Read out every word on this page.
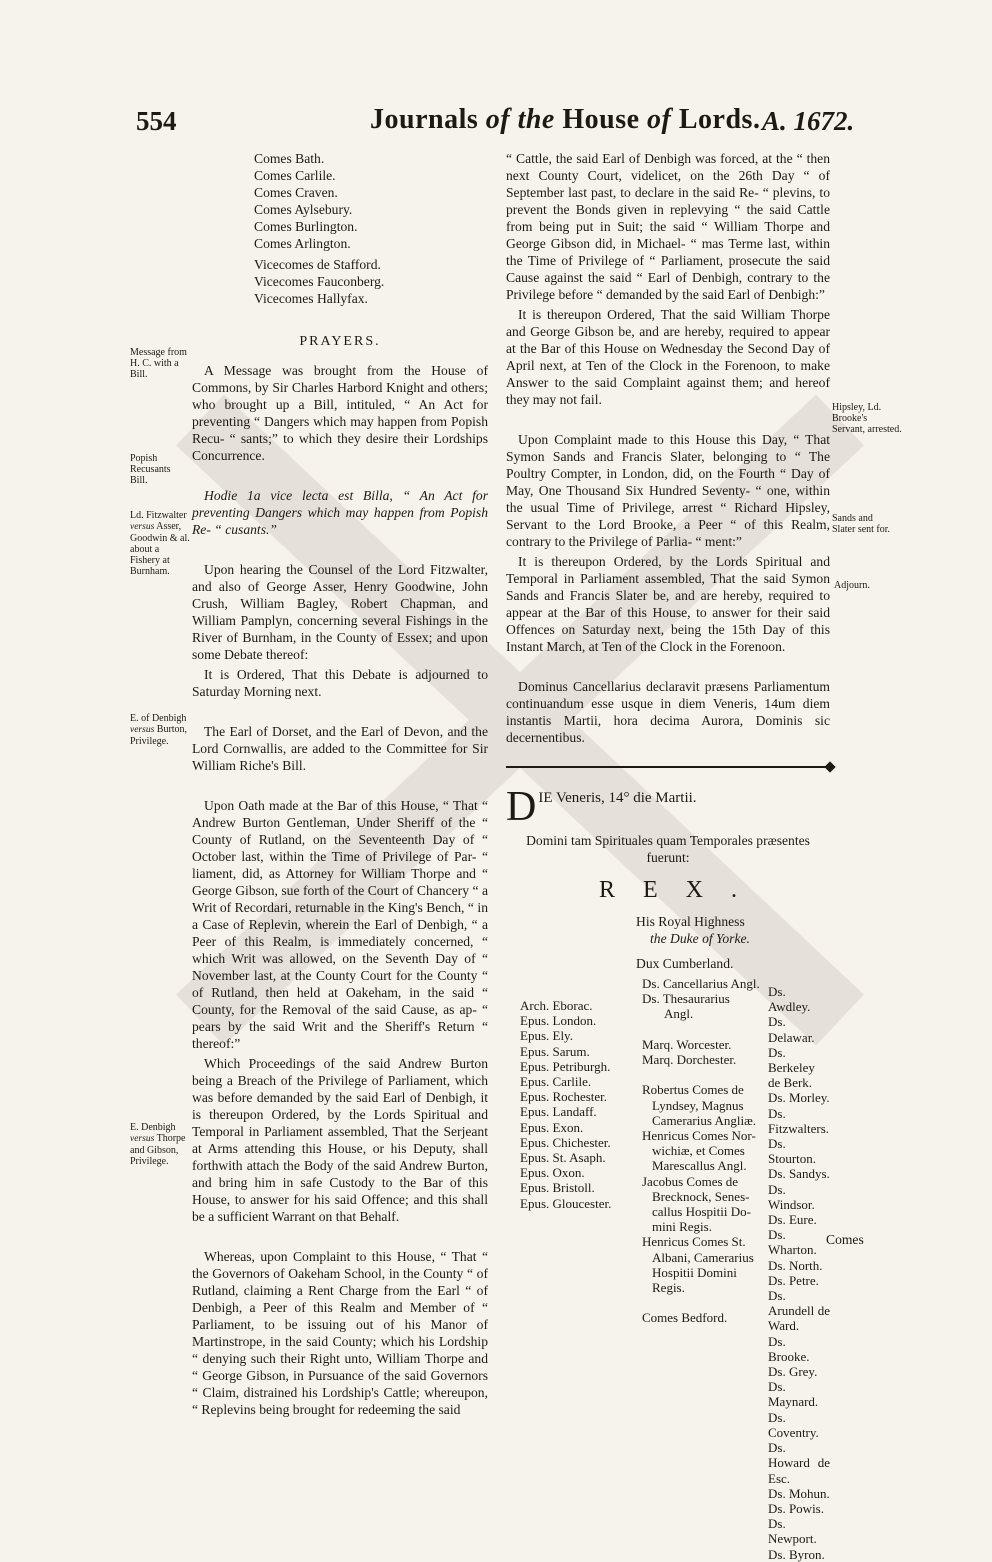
554	Journals of the House of Lords. A. 1672.

Comes Bath.

Comes Carlile.

Comes Craven.

Comes Aylsebury.

Comes Burlington.

Comes Arlington.

Vicecomes de Stafford.

Vicecomes Fauconberg.

Vicecomes Hallyfax.

PRAYERS.

A Message was brought from the House of Commons, by Sir Charles Harbord Knight and others; who brought up a Bill, intituled, “ An Act for preventing “ Dangers which may happen from Popish Recu- “ sants;” to which they desire their Lordships Concurrence.

Hodie 1a vice lecta est Billa, “ An Act for preventing Dangers which may happen from Popish Re- “ cusants.”

Upon hearing the Counsel of the Lord Fitzwalter, and also of George Asser, Henry Goodwine, John Crush, William Bagley, Robert Chapman, and William Pamplyn, concerning several Fishings in the River of Burnham, in the County of Essex; and upon some Debate thereof:

It is Ordered, That this Debate is adjourned to Saturday Morning next.

The Earl of Dorset, and the Earl of Devon, and the Lord Cornwallis, are added to the Committee for Sir William Riche's Bill.

Upon Oath made at the Bar of this House, “ That “ Andrew Burton Gentleman, Under Sheriff of the “ County of Rutland, on the Seventeenth Day of “ October last, within the Time of Privilege of Par- “ liament, did, as Attorney for William Thorpe and “ George Gibson, sue forth of the Court of Chancery “ a Writ of Recordari, returnable in the King's Bench, “ in a Case of Replevin, wherein the Earl of Denbigh, “ a Peer of this Realm, is immediately concerned, “ which Writ was allowed, on the Seventh Day of “ November last, at the County Court for the County “ of Rutland, then held at Oakeham, in the said “ County, for the Removal of the said Cause, as ap- “ pears by the said Writ and the Sheriff's Return “ thereof:”

Which Proceedings of the said Andrew Burton being a Breach of the Privilege of Parliament, which was before demanded by the said Earl of Denbigh, it is thereupon Ordered, by the Lords Spiritual and Temporal in Parliament assembled, That the Serjeant at Arms attending this House, or his Deputy, shall forthwith attach the Body of the said Andrew Burton, and bring him in safe Custody to the Bar of this House, to answer for his said Offence; and this shall be a sufficient Warrant on that Behalf.

Whereas, upon Complaint to this House, “ That “ the Governors of Oakeham School, in the County “ of Rutland, claiming a Rent Charge from the Earl “ of Denbigh, a Peer of this Realm and Member of “ Parliament, to be issuing out of his Manor of Martinstrope, in the said County; which his Lordship “ denying such their Right unto, William Thorpe and “ George Gibson, in Pursuance of the said Governors “ Claim, distrained his Lordship's Cattle; whereupon, “ Replevins being brought for redeeming the said

Message from H. C. with a Bill.
Popish Recusants Bill.
Ld. Fitzwalter versus Asser, Goodwin & al. about a Fishery at Burnham.
E. of Denbigh versus Burton, Privilege.
E. Denbigh versus Thorpe and Gibson, Privilege.

“ Cattle, the said Earl of Denbigh was forced, at the “ then next County Court, videlicet, on the 26th Day “ of September last past, to declare in the said Re- “ plevins, to prevent the Bonds given in replevying “ the said Cattle from being put in Suit; the said “ William Thorpe and George Gibson did, in Michael- “ mas Terme last, within the Time of Privilege of “ Parliament, prosecute the said Cause against the said “ Earl of Denbigh, contrary to the Privilege before “ demanded by the said Earl of Denbigh:”

It is thereupon Ordered, That the said William Thorpe and George Gibson be, and are hereby, required to appear at the Bar of this House on Wednesday the Second Day of April next, at Ten of the Clock in the Forenoon, to make Answer to the said Complaint against them; and hereof they may not fail.

Upon Complaint made to this House this Day, “ That Symon Sands and Francis Slater, belonging to “ The Poultry Compter, in London, did, on the Fourth “ Day of May, One Thousand Six Hundred Seventy- “ one, within the usual Time of Privilege, arrest “ Richard Hipsley, Servant to the Lord Brooke, a Peer “ of this Realm, contrary to the Privilege of Parlia- “ ment:”

It is thereupon Ordered, by the Lords Spiritual and Temporal in Parliament assembled, That the said Symon Sands and Francis Slater be, and are hereby, required to appear at the Bar of this House, to answer for their said Offences on Saturday next, being the 15th Day of this Instant March, at Ten of the Clock in the Forenoon.

Dominus Cancellarius declaravit præsens Parliamentum continuandum esse usque in diem Veneris, 14um diem instantis Martii, hora decima Aurora, Dominis sic decernentibus.

DIE Veneris, 14° die Martii.
Domini tam Spirituales quam Temporales præsentes
fuerunt:
REX.

His Royal Highness

the Duke of Yorke.

Dux Cumberland.

Arch. Eborac.

Epus. London.

Epus. Ely.

Epus. Sarum.

Epus. Petriburgh.

Epus. Carlile.

Epus. Rochester.

Epus. Landaff.

Epus. Exon.

Epus. Chichester.

Epus. St. Asaph.

Epus. Oxon.

Epus. Bristoll.

Epus. Gloucester.

Ds. Cancellarius Angl.

Ds. Thesaurarius

Angl.

Marq. Worcester.

Marq. Dorchester.

Robertus Comes de

Lyndsey, Magnus

Camerarius Angliæ.

Henricus Comes Nor-

wichiæ, et Comes

Marescallus Angl.

Jacobus Comes de

Brecknock, Senes-

callus Hospitii Do-

mini Regis.

Henricus Comes St.

Albani, Camerarius

Hospitii Domini

Regis.

Comes Bedford.

Ds. Awdley.

Ds. Delawar.

Ds. Berkeley de Berk.

Ds. Morley.

Ds. Fitzwalters.

Ds. Stourton.

Ds. Sandys.

Ds. Windsor.

Ds. Eure.

Ds. Wharton.

Ds. North.

Ds. Petre.

Ds. Arundell de Ward.

Ds. Brooke.

Ds. Grey.

Ds. Maynard.

Ds. Coventry.

Ds. Howard de Esc.

Ds. Mohun.

Ds. Powis.

Ds. Newport.

Ds. Byron.

Hipsley, Ld. Brooke's Servant, arrested.
Sands and Slater sent for.
Adjourn.
Comes
